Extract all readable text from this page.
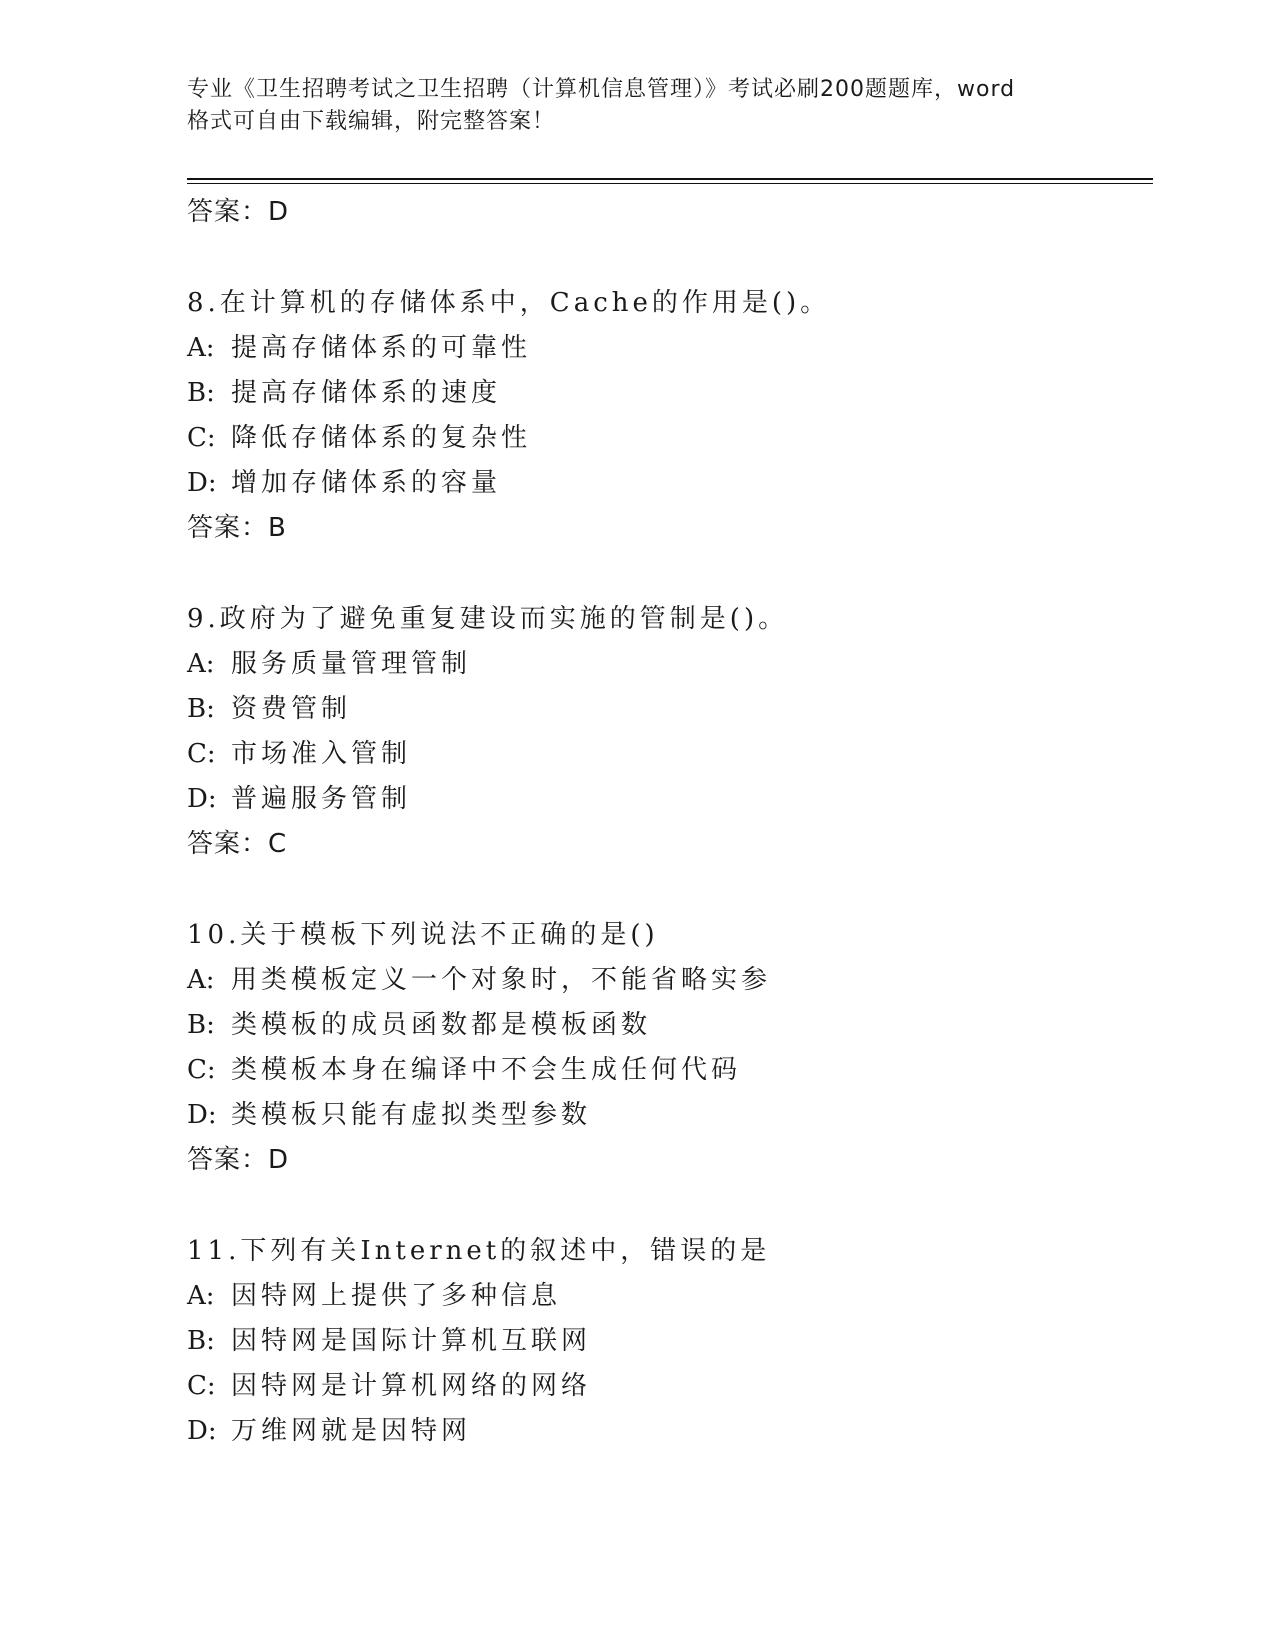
专业《卫生招聘考试之卫生招聘（计算机信息管理）》考试必刷200题题库，word
格式可自由下载编辑，附完整答案！
答案：D
8.在计算机的存储体系中，Cache的作用是()。
A: 提高存储体系的可靠性
B: 提高存储体系的速度
C: 降低存储体系的复杂性
D: 增加存储体系的容量
答案：B
9.政府为了避免重复建设而实施的管制是()。
A: 服务质量管理管制
B: 资费管制
C: 市场准入管制
D: 普遍服务管制
答案：C
10.关于模板下列说法不正确的是()
A: 用类模板定义一个对象时，不能省略实参
B: 类模板的成员函数都是模板函数
C: 类模板本身在编译中不会生成任何代码
D: 类模板只能有虚拟类型参数
答案：D
11.下列有关Internet的叙述中，错误的是
A: 因特网上提供了多种信息
B: 因特网是国际计算机互联网
C: 因特网是计算机网络的网络
D: 万维网就是因特网
